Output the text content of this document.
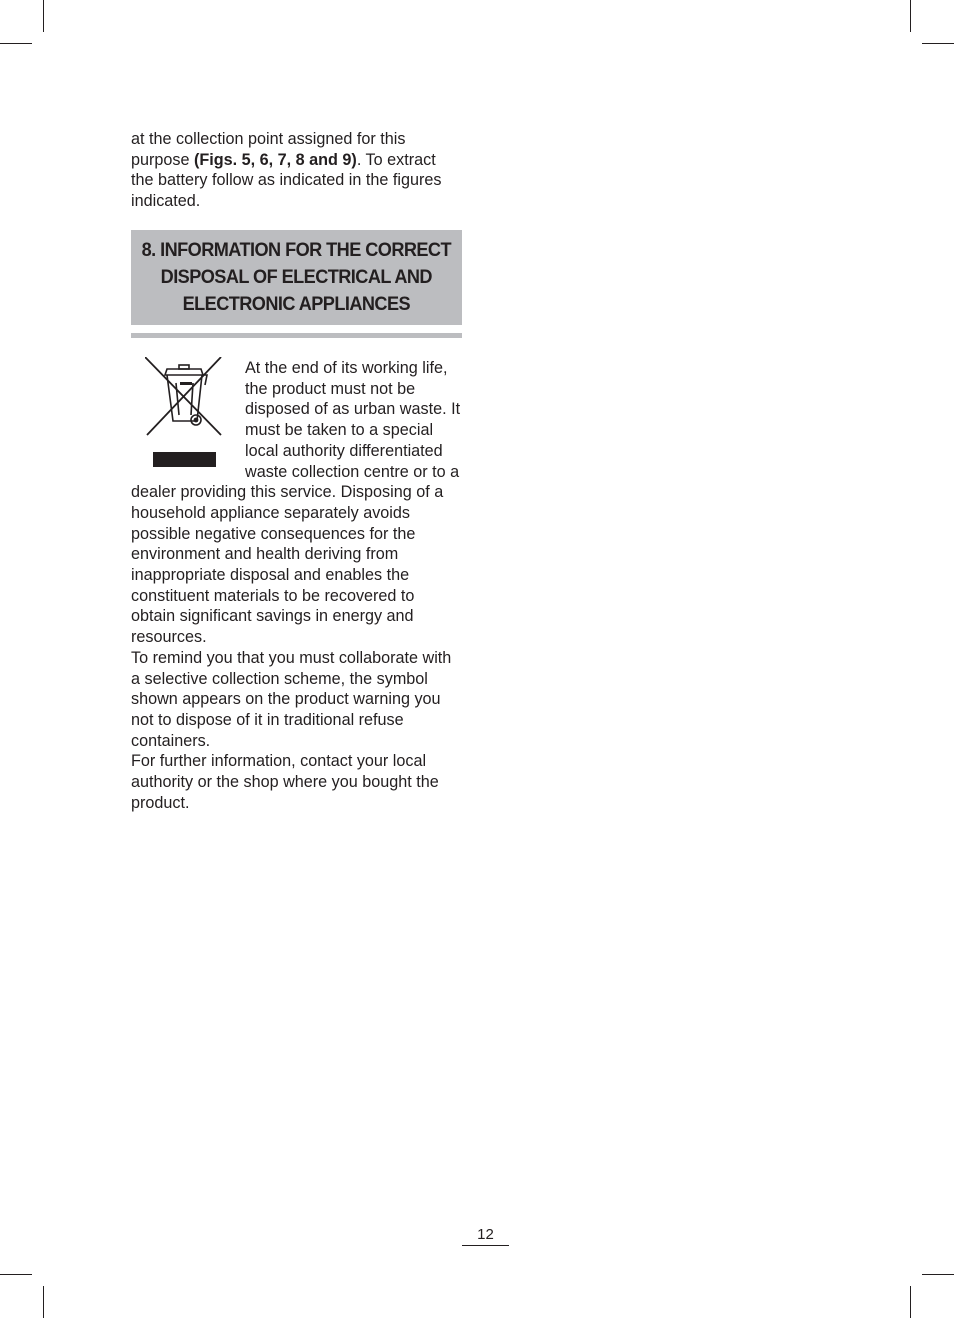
at the collection point assigned for this purpose (Figs. 5, 6, 7, 8 and 9). To extract the battery follow as indicated in the figures indicated.
8. INFORMATION FOR THE CORRECT
DISPOSAL OF ELECTRICAL AND
ELECTRONIC APPLIANCES

At the end of its working life, the product must not be disposed of as urban waste. It must be taken to a special local authority differentiated waste collection centre or to a dealer providing this service. Disposing of a household appliance separately avoids possible negative consequences for the environment and health deriving from inappropriate disposal and enables the constituent materials to be recovered to obtain significant savings in energy and resources.

To remind you that you must collaborate with a selective collection scheme, the symbol shown appears on the product warning you not to dispose of it in traditional refuse containers.

For further information, contact your local authority or the shop where you bought the product.

12
